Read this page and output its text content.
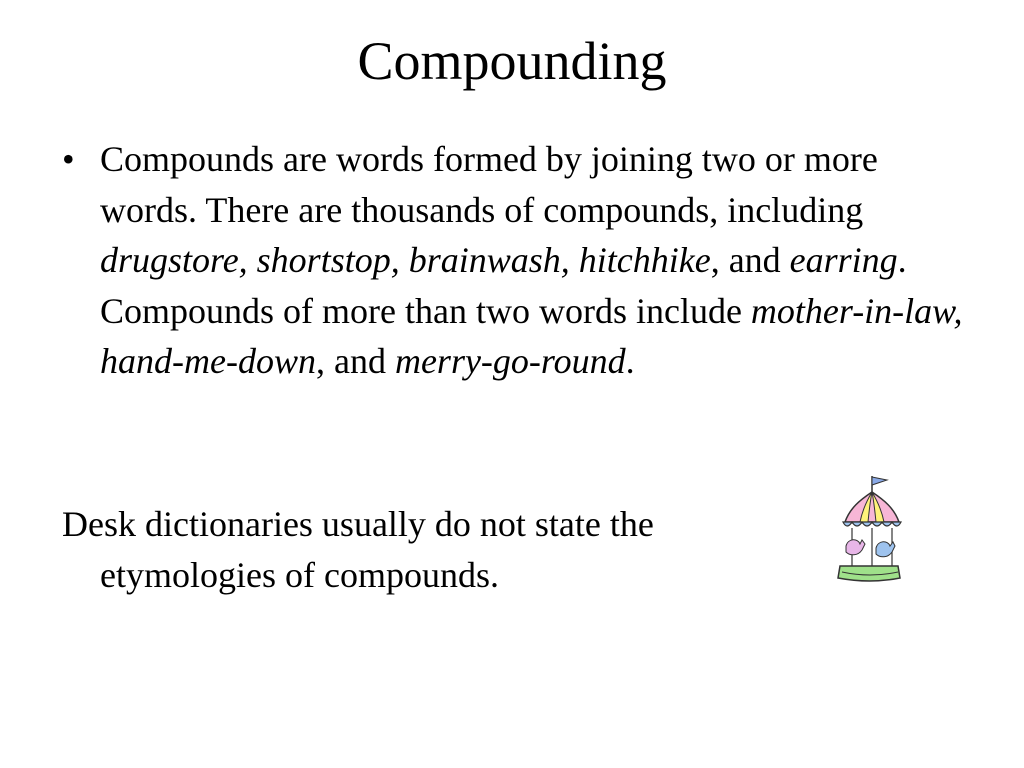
Compounding
• Compounds are words formed by joining two or more words. There are thousands of compounds, including drugstore, shortstop, brainwash, hitchhike, and earring. Compounds of more than two words include mother-in-law, hand-me-down, and merry-go-round.
Desk dictionaries usually do not state the etymologies of compounds.
